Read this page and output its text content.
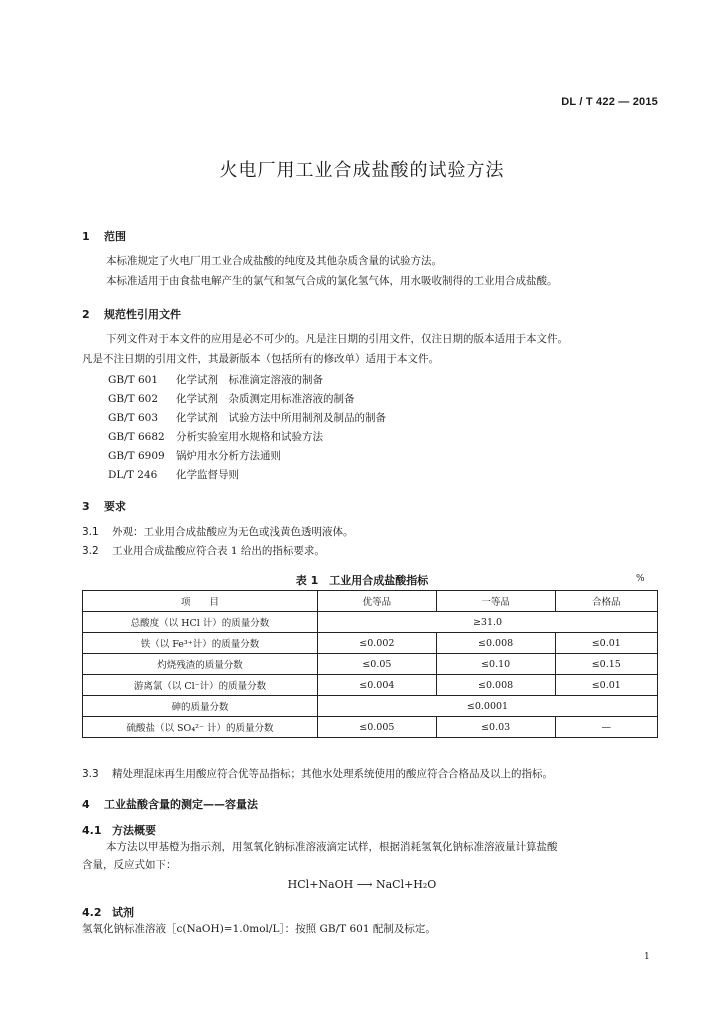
DL / T 422 — 2015
火电厂用工业合成盐酸的试验方法
1 范围
本标准规定了火电厂用工业合成盐酸的纯度及其他杂质含量的试验方法。
本标准适用于由食盐电解产生的氯气和氢气合成的氯化氢气体，用水吸收制得的工业用合成盐酸。
2 规范性引用文件
下列文件对于本文件的应用是必不可少的。凡是注日期的引用文件，仅注日期的版本适用于本文件。
凡是不注日期的引用文件，其最新版本（包括所有的修改单）适用于本文件。
GB/T 601 化学试剂　标准滴定溶液的制备
GB/T 602 化学试剂　杂质测定用标准溶液的制备
GB/T 603 化学试剂　试验方法中所用制剂及制品的制备
GB/T 6682 分析实验室用水规格和试验方法
GB/T 6909 锅炉用水分析方法通则
DL/T 246 化学监督导则
3 要求
3.1 外观：工业用合成盐酸应为无色或浅黄色透明液体。
3.2 工业用合成盐酸应符合表 1 给出的指标要求。
表 1　工业用合成盐酸指标	%
项　　目	优等品	一等品	合格品
总酸度（以 HCl 计）的质量分数	≥31.0		
铁（以 Fe³⁺计）的质量分数	≤0.002	≤0.008	≤0.01
灼烧残渣的质量分数	≤0.05	≤0.10	≤0.15
游离氯（以 Cl⁻计）的质量分数	≤0.004	≤0.008	≤0.01
砷的质量分数	≤0.0001		
硫酸盐（以 SO₄²⁻ 计）的质量分数	≤0.005	≤0.03	—
3.3 精处理混床再生用酸应符合优等品指标；其他水处理系统使用的酸应符合合格品及以上的指标。
4 工业盐酸含量的测定——容量法
4.1 方法概要
本方法以甲基橙为指示剂，用氢氧化钠标准溶液滴定试样，根据消耗氢氧化钠标准溶液量计算盐酸
含量，反应式如下：
HCl+NaOH ⟶ NaCl+H₂O
4.2 试剂
氢氧化钠标准溶液［c(NaOH)=1.0mol/L］：按照 GB/T 601 配制及标定。
1
